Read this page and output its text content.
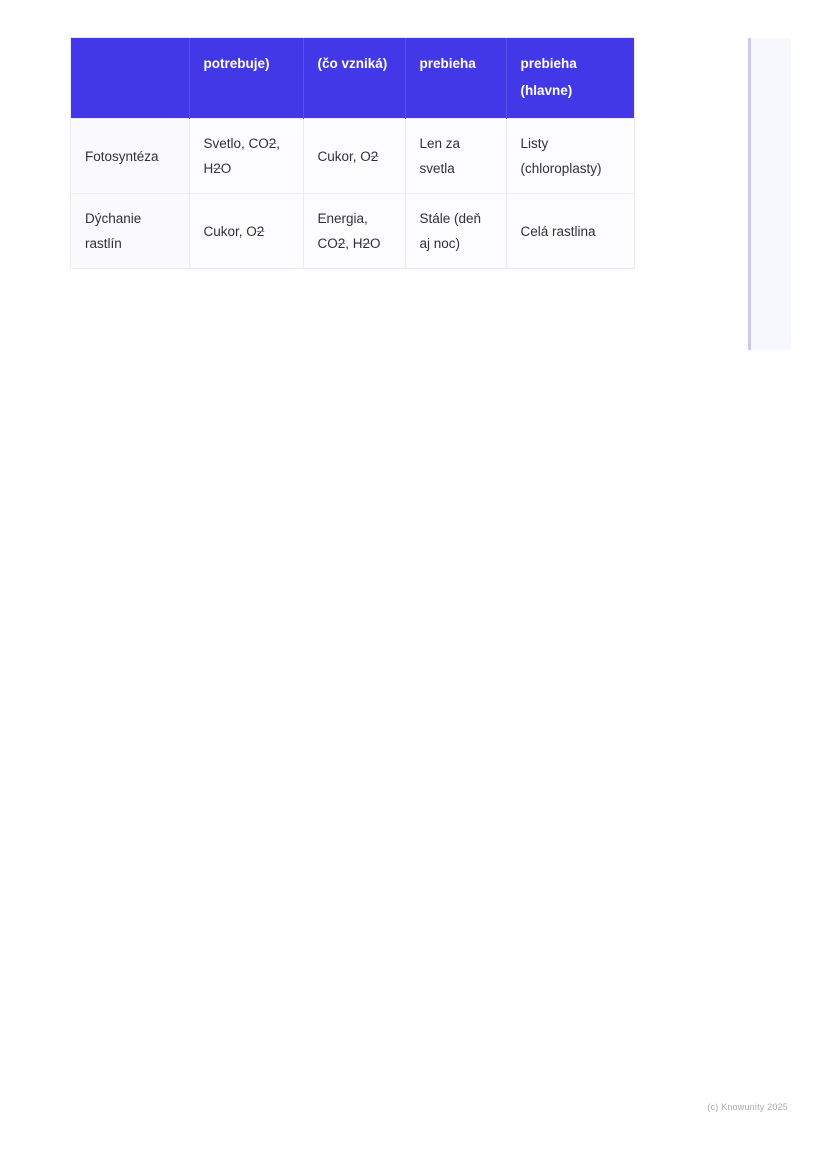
	potrebuje)	(čo vzniká)	prebieha	prebieha (hlavne)
Fotosyntéza	Svetlo, CO2, H2O	Cukor, O2	Len za svetla	Listy (chloroplasty)
Dýchanie rastlín	Cukor, O2	Energia, CO2, H2O	Stále (deň aj noc)	Celá rastlina
(c) Knowunity 2025
